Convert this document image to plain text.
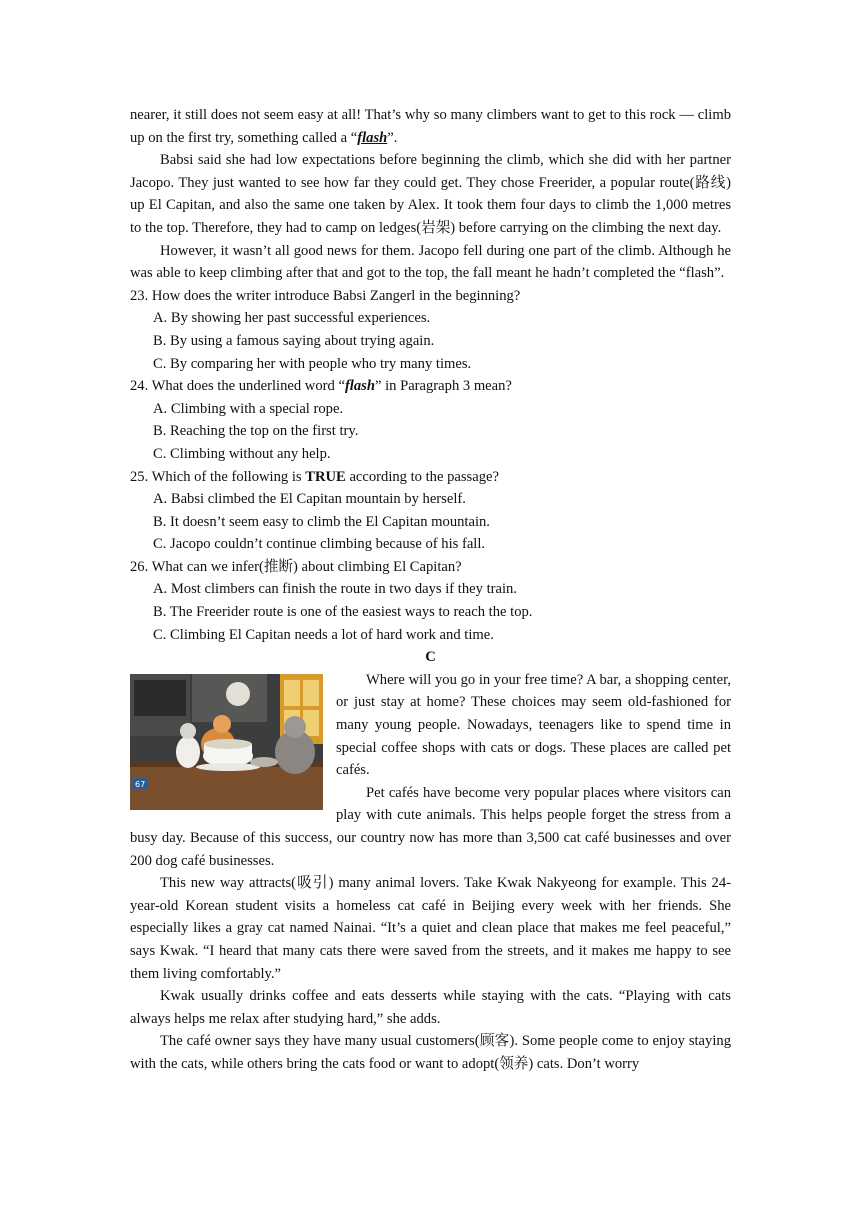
nearer, it still does not seem easy at all! That’s why so many climbers want to get to this rock — climb up on the first try, something called a “flash”.

Babsi said she had low expectations before beginning the climb, which she did with her partner Jacopo. They just wanted to see how far they could get. They chose Freerider, a popular route(路线) up El Capitan, and also the same one taken by Alex. It took them four days to climb the 1,000 metres to the top. Therefore, they had to camp on ledges(岩架) before carrying on the climbing the next day.

However, it wasn’t all good news for them. Jacopo fell during one part of the climb. Although he was able to keep climbing after that and got to the top, the fall meant he hadn’t completed the “flash”.

23. How does the writer introduce Babsi Zangerl in the beginning?

A. By showing her past successful experiences.

B. By using a famous saying about trying again.

C. By comparing her with people who try many times.

24. What does the underlined word “flash” in Paragraph 3 mean?

A. Climbing with a special rope.

B. Reaching the top on the first try.

C. Climbing without any help.

25. Which of the following is TRUE according to the passage?

A. Babsi climbed the El Capitan mountain by herself.

B. It doesn’t seem easy to climb the El Capitan mountain.

C. Jacopo couldn’t continue climbing because of his fall.

26. What can we infer(推断) about climbing El Capitan?

A. Most climbers can finish the route in two days if they train.

B. The Freerider route is one of the easiest ways to reach the top.

C. Climbing El Capitan needs a lot of hard work and time.

C

67

Where will you go in your free time? A bar, a shopping center, or just stay at home? These choices may seem old-fashioned for many young people. Nowadays, teenagers like to spend time in special coffee shops with cats or dogs. These places are called pet cafés.

Pet cafés have become very popular places where visitors can play with cute animals. This helps people forget the stress from a busy day. Because of this success, our country now has more than 3,500 cat café businesses and over 200 dog café businesses.

This new way attracts(吸引) many animal lovers. Take Kwak Nakyeong for example. This 24-year-old Korean student visits a homeless cat café in Beijing every week with her friends. She especially likes a gray cat named Nainai. “It’s a quiet and clean place that makes me feel peaceful,” says Kwak. “I heard that many cats there were saved from the streets, and it makes me happy to see them living comfortably.”

Kwak usually drinks coffee and eats desserts while staying with the cats. “Playing with cats always helps me relax after studying hard,” she adds.

The café owner says they have many usual customers(顾客). Some people come to enjoy staying with the cats, while others bring the cats food or want to adopt(领养) cats. Don’t worry
